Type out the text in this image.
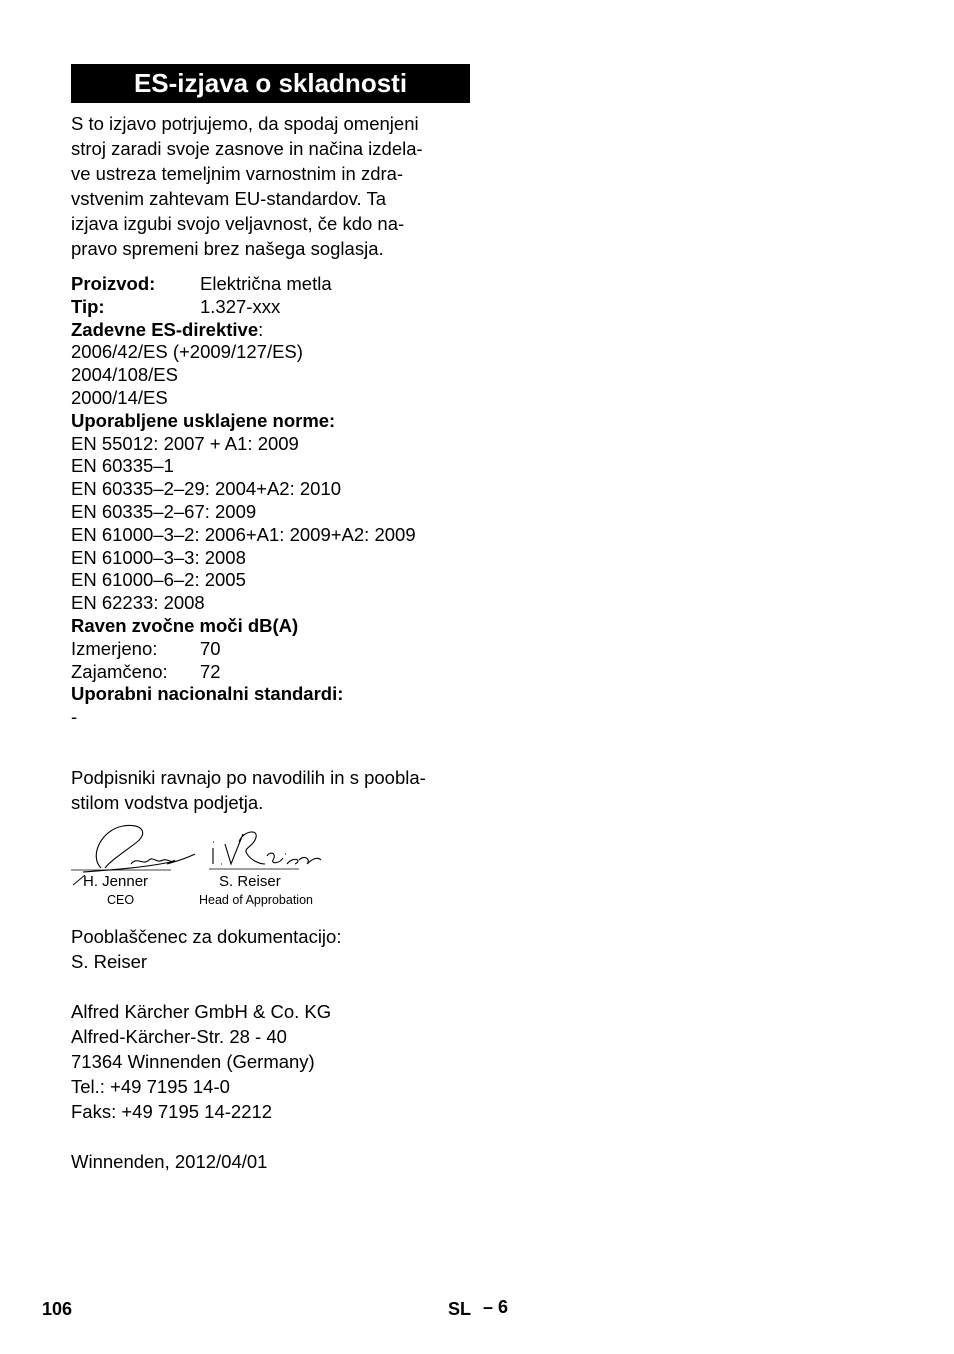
ES-izjava o skladnosti
S to izjavo potrjujemo, da spodaj omenjeni
stroj zaradi svoje zasnove in načina izdela-
ve ustreza temeljnim varnostnim in zdra-
vstvenim zahtevam EU-standardov. Ta
izjava izgubi svojo veljavnost, če kdo na-
pravo spremeni brez našega soglasja.
Proizvod:	Električna metla
Tip:	1.327-xxx
Zadevne ES-direktive:
2006/42/ES (+2009/127/ES)
2004/108/ES
2000/14/ES
Uporabljene usklajene norme:
EN 55012: 2007 + A1: 2009
EN 60335–1
EN 60335–2–29: 2004+A2: 2010
EN 60335–2–67: 2009
EN 61000–3–2: 2006+A1: 2009+A2: 2009
EN 61000–3–3: 2008
EN 61000–6–2: 2005
EN 62233: 2008
Raven zvočne moči dB(A)
Izmerjeno:	70
Zajamčeno:	72
Uporabni nacionalni standardi:
-
Podpisniki ravnajo po navodilih in s poobla-
stilom vodstva podjetja.
H. Jenner
CEO
S. Reiser
Head of Approbation
Pooblaščenec za dokumentacijo:
S. Reiser
Alfred Kärcher GmbH & Co. KG
Alfred-Kärcher-Str. 28 - 40
71364 Winnenden (Germany)
Tel.: +49 7195 14-0
Faks: +49 7195 14-2212
Winnenden, 2012/04/01
106	SL – 6
